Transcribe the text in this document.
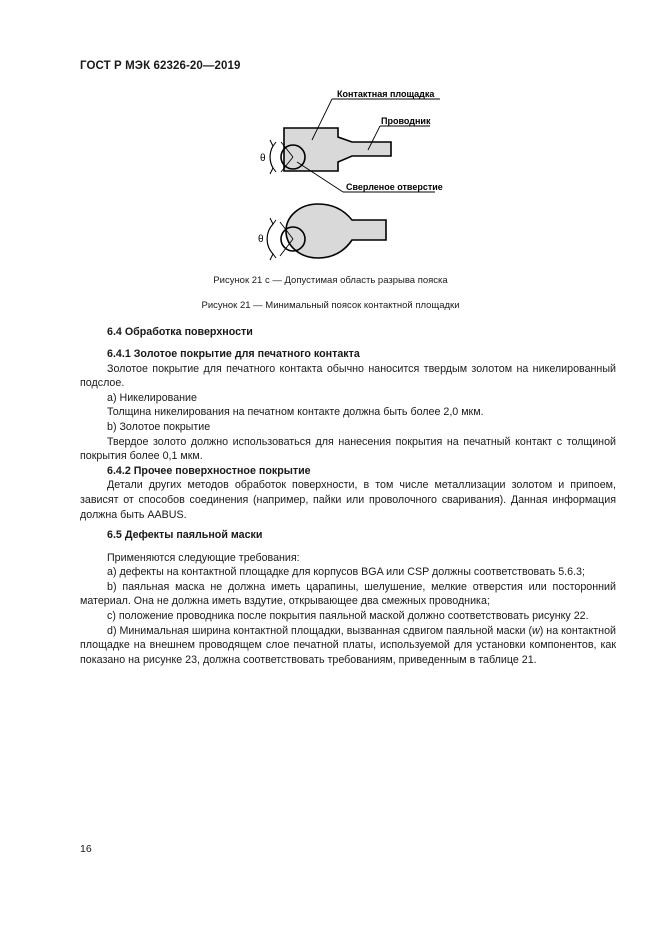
ГОСТ Р МЭК 62326-20—2019
θ
Контактная площадка
Проводник
Сверленое отверстие
θ
Рисунок 21 с — Допустимая область разрыва пояска
Рисунок 21 — Минимальный поясок контактной площадки
6.4 Обработка поверхности
6.4.1 Золотое покрытие для печатного контакта

Золотое покрытие для печатного контакта обычно наносится твердым золотом на никелированный подслое.

a) Никелирование

Толщина никелирования на печатном контакте должна быть более 2,0 мкм.

b) Золотое покрытие

Твердое золото должно использоваться для нанесения покрытия на печатный контакт с толщиной покрытия более 0,1 мкм.

6.4.2 Прочее поверхностное покрытие

Детали других методов обработок поверхности, в том числе металлизации золотом и припоем, зависят от способов соединения (например, пайки или проволочного сваривания). Данная информация должна быть AABUS.

6.5 Дефекты паяльной маски

Применяются следующие требования:

a) дефекты на контактной площадке для корпусов BGA или CSP должны соответствовать 5.6.3;

b) паяльная маска не должна иметь царапины, шелушение, мелкие отверстия или посторонний материал. Она не должна иметь вздутие, открывающее два смежных проводника;

c) положение проводника после покрытия паяльной маской должно соответствовать рисунку 22.

d) Минимальная ширина контактной площадки, вызванная сдвигом паяльной маски (w) на контактной площадке на внешнем проводящем слое печатной платы, используемой для установки компонентов, как показано на рисунке 23, должна соответствовать требованиям, приведенным в таблице 21.

16
